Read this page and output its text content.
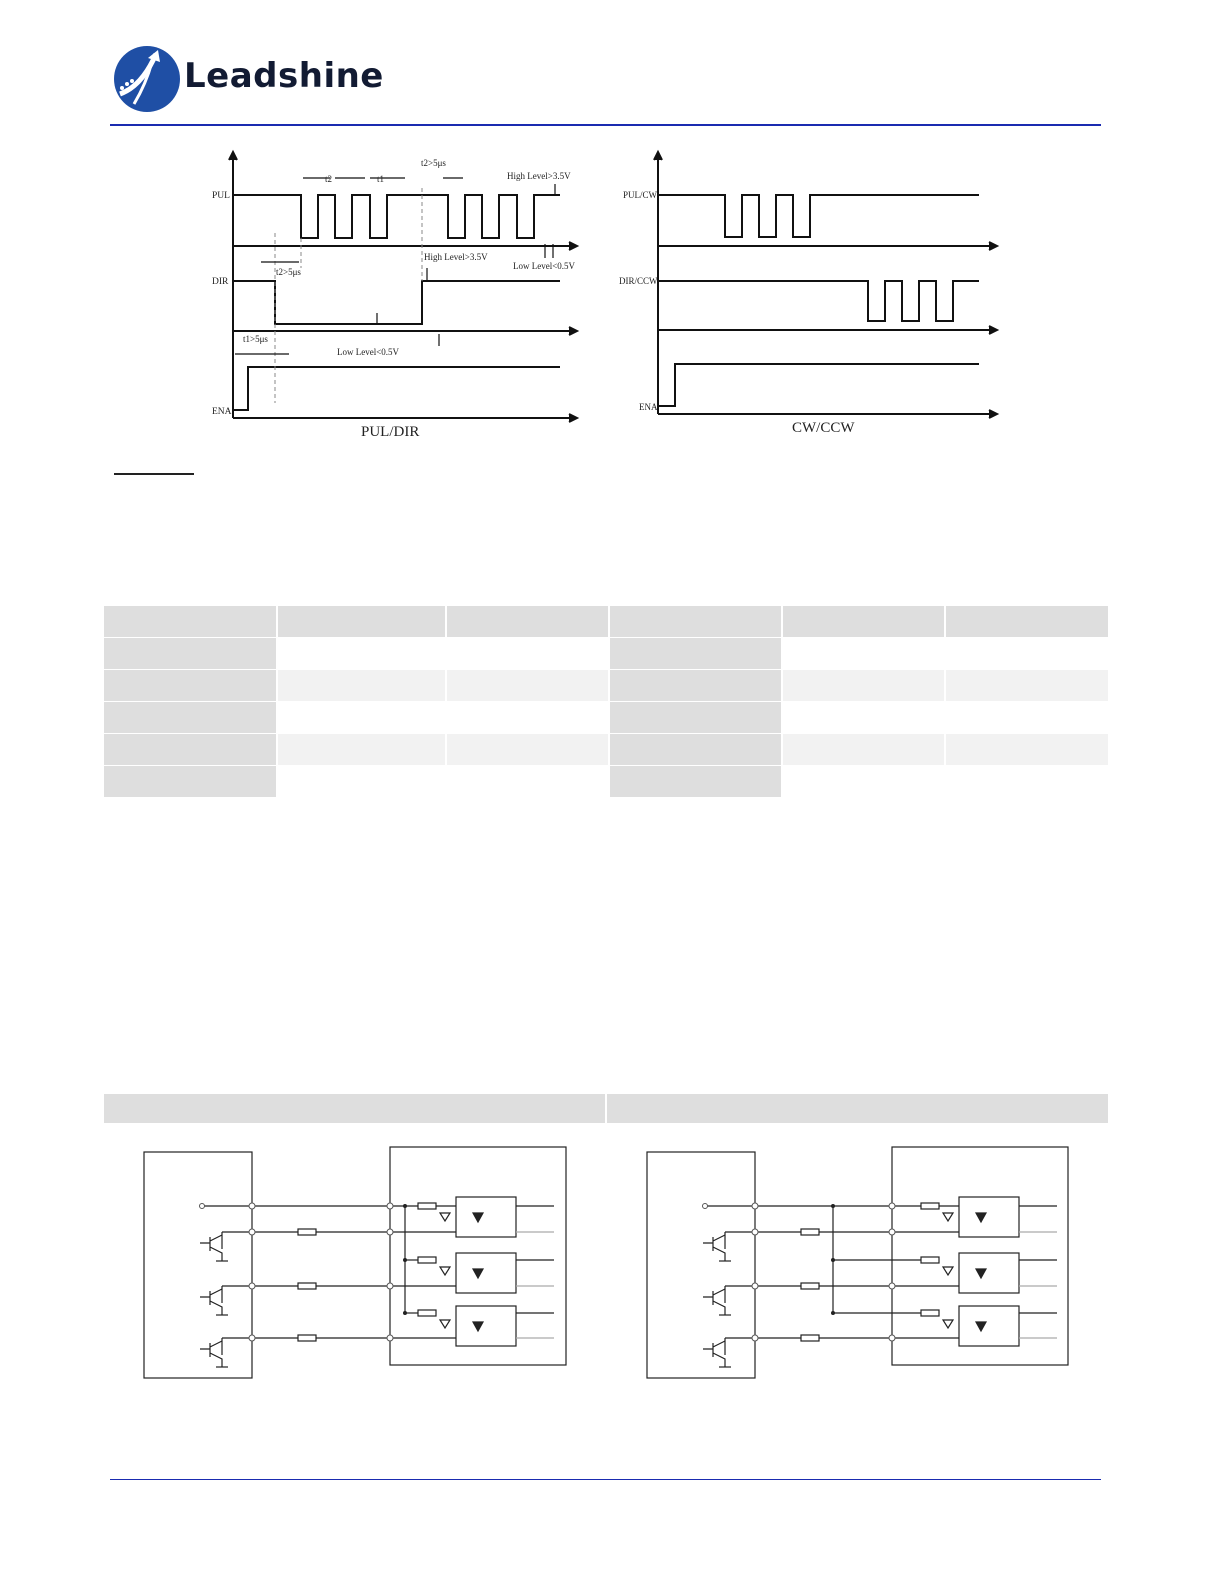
Leadshine
PUL
DIR
ENA
t2	t1
t2>5μs
High Level>3.5V
High Level>3.5V
Low Level<0.5V
t2>5μs
t1>5μs
Low Level<0.5V
PUL/DIR
PUL/CW
DIR/CCW
ENA
CW/CCW
